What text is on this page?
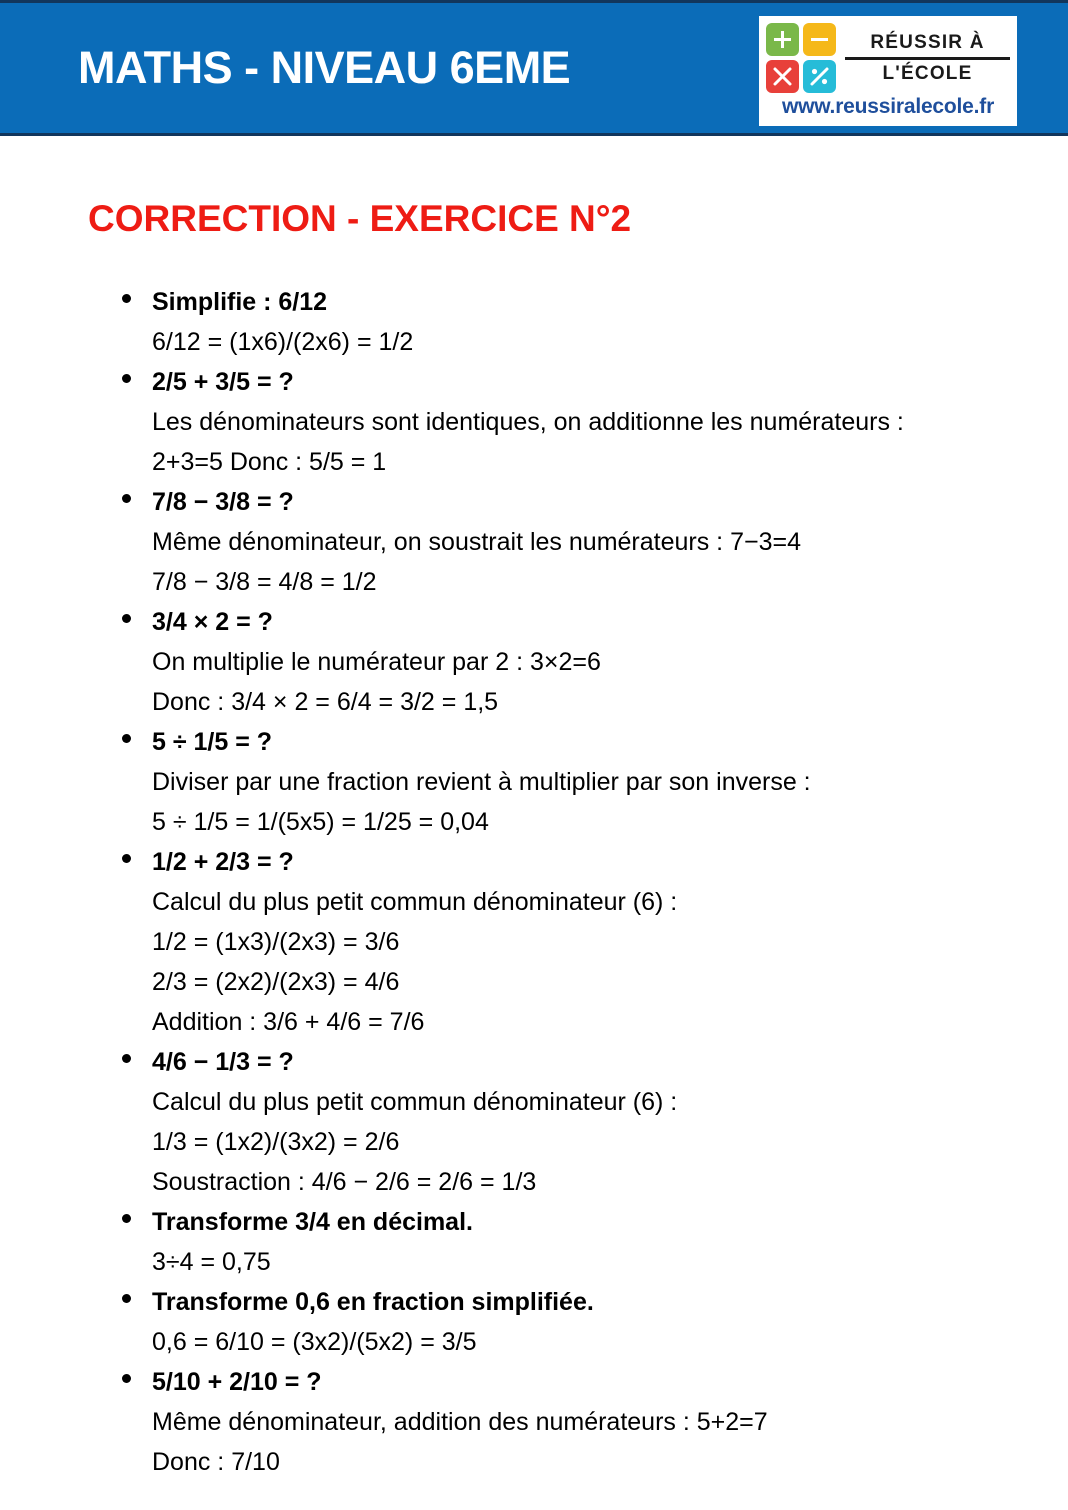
MATHS - NIVEAU 6EME	RÉUSSIR À
L'ÉCOLE
www.reussiralecole.fr
CORRECTION - EXERCICE N°2
Simplifie : 6/12
6/12 = (1x6)/(2x6) = 1/2
2/5 + 3/5 = ?
Les dénominateurs sont identiques, on additionne les numérateurs :
2+3=5 Donc : 5/5 = 1
7/8 − 3/8 = ?
Même dénominateur, on soustrait les numérateurs : 7−3=4
7/8 − 3/8 = 4/8 = 1/2
3/4 × 2 = ?
On multiplie le numérateur par 2 : 3×2=6
Donc : 3/4 × 2 = 6/4 = 3/2 = 1,5
5 ÷ 1/5 = ?
Diviser par une fraction revient à multiplier par son inverse :
5 ÷ 1/5 = 1/(5x5) = 1/25 = 0,04
1/2 + 2/3 = ?
Calcul du plus petit commun dénominateur (6) :
1/2 = (1x3)/(2x3) = 3/6
2/3 = (2x2)/(2x3) = 4/6
Addition : 3/6 + 4/6 = 7/6
4/6 − 1/3 = ?
Calcul du plus petit commun dénominateur (6) :
1/3 = (1x2)/(3x2) = 2/6
Soustraction : 4/6 − 2/6 = 2/6 = 1/3
Transforme 3/4 en décimal.
3÷4 = 0,75
Transforme 0,6 en fraction simplifiée.
0,6 = 6/10 = (3x2)/(5x2) = 3/5
5/10 + 2/10 = ?
Même dénominateur, addition des numérateurs : 5+2=7
Donc : 7/10
